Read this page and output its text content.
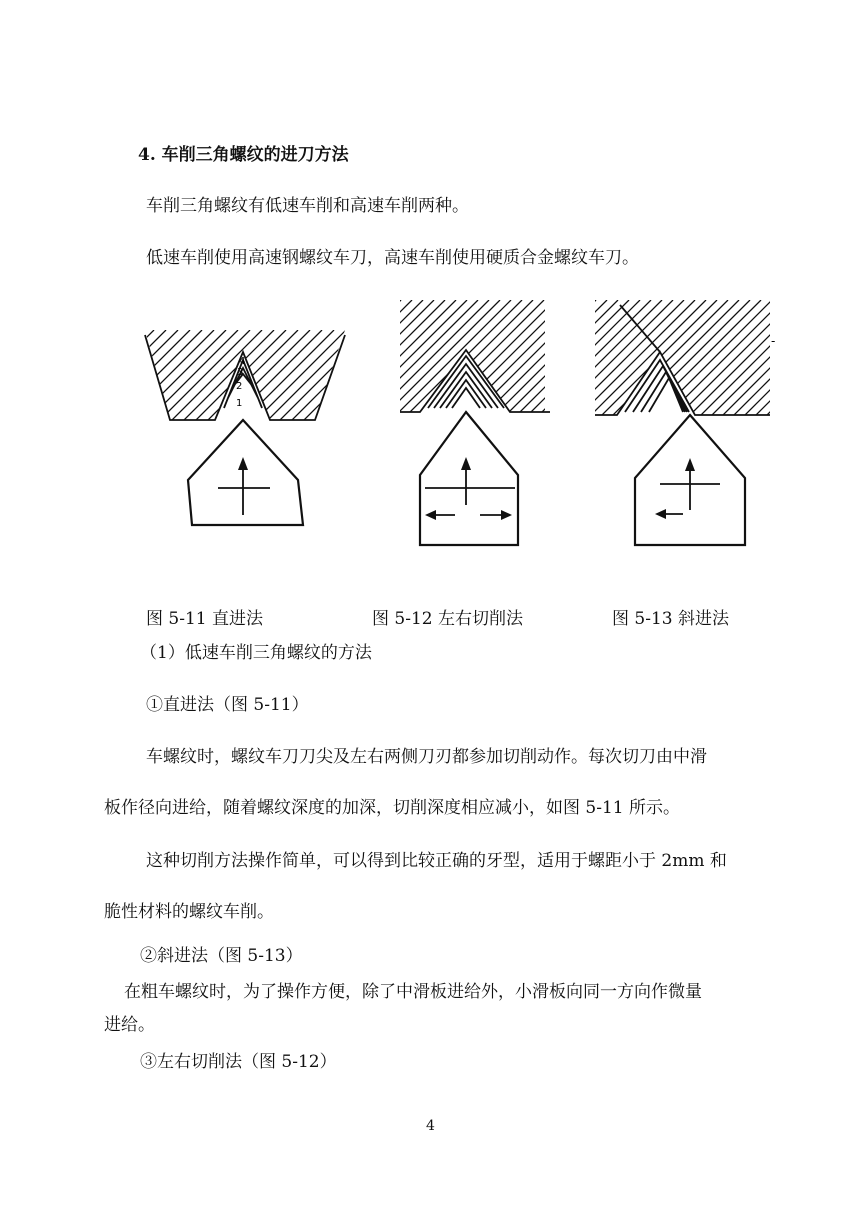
4. 车削三角螺纹的进刀方法
车削三角螺纹有低速车削和高速车削两种。
低速车削使用高速钢螺纹车刀，高速车削使用硬质合金螺纹车刀。
4
3
2
1
-
图 5-11 直进法	图 5-12 左右切削法	图 5-13 斜进法
（1）低速车削三角螺纹的方法
①直进法（图 5-11）
车螺纹时，螺纹车刀刀尖及左右两侧刀刃都参加切削动作。每次切刀由中滑
板作径向进给，随着螺纹深度的加深，切削深度相应减小，如图 5-11 所示。
这种切削方法操作简单，可以得到比较正确的牙型，适用于螺距小于 2mm 和
脆性材料的螺纹车削。
②斜进法（图 5-13）
在粗车螺纹时，为了操作方便，除了中滑板进给外，小滑板向同一方向作微量
进给。
③左右切削法（图 5-12）
4
